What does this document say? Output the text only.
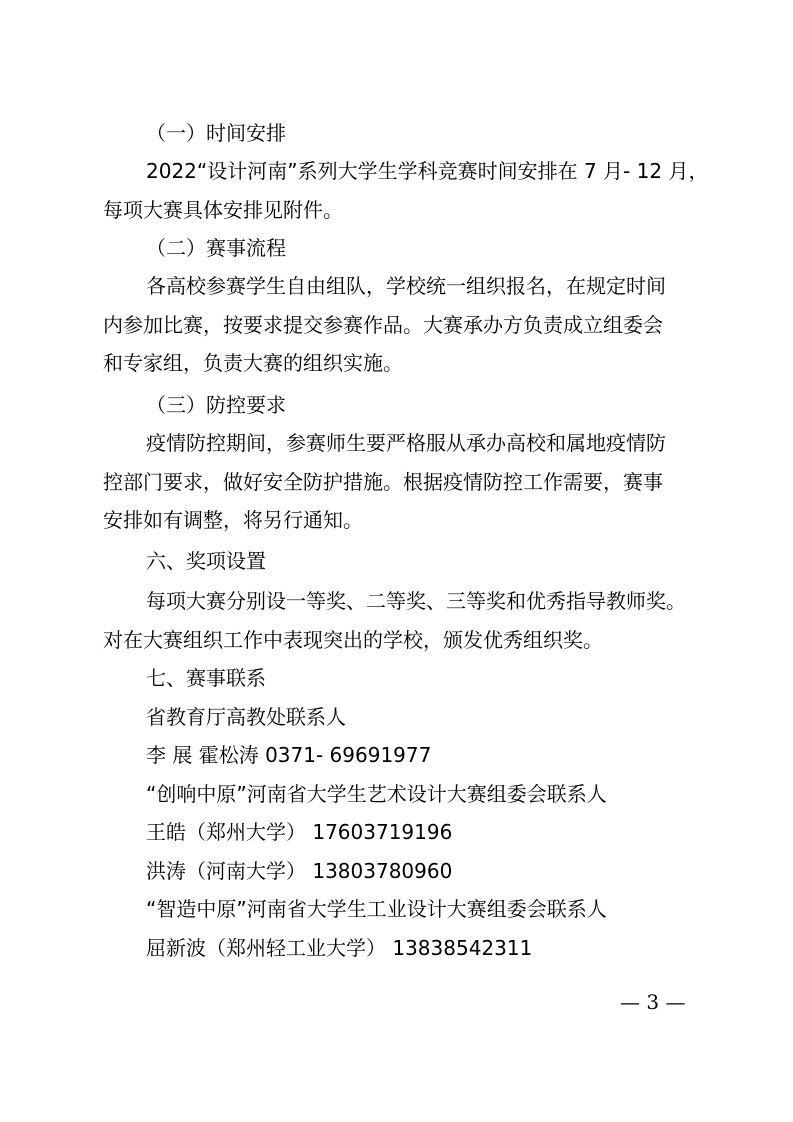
（一）时间安排

2022“设计河南”系列大学生学科竞赛时间安排在 7 月- 12 月，

每项大赛具体安排见附件。

（二）赛事流程

各高校参赛学生自由组队，学校统一组织报名，在规定时间

内参加比赛，按要求提交参赛作品。大赛承办方负责成立组委会

和专家组，负责大赛的组织实施。

（三）防控要求

疫情防控期间，参赛师生要严格服从承办高校和属地疫情防

控部门要求，做好安全防护措施。根据疫情防控工作需要，赛事

安排如有调整，将另行通知。

六、奖项设置

每项大赛分别设一等奖、二等奖、三等奖和优秀指导教师奖。

对在大赛组织工作中表现突出的学校，颁发优秀组织奖。

七、赛事联系

省教育厅高教处联系人

李 展 霍松涛 0371- 69691977

“创响中原”河南省大学生艺术设计大赛组委会联系人

王皓（郑州大学） 17603719196

洪涛（河南大学） 13803780960

“智造中原”河南省大学生工业设计大赛组委会联系人

屈新波（郑州轻工业大学） 13838542311

— 3 —
